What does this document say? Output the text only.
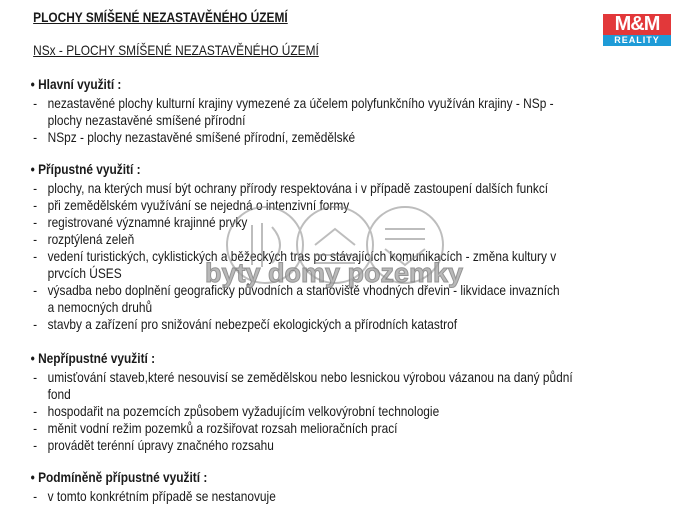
M&M
REALITY
PLOCHY SMÍŠENÉ NEZASTAVĚNÉHO ÚZEMÍ
NSx - PLOCHY SMÍŠENÉ NEZASTAVĚNÉHO ÚZEMÍ
• Hlavní využití :
- nezastavěné plochy kulturní krajiny vymezené za účelem polyfunkčního využíván krajiny - NSp -
plochy nezastavěné smíšené přírodní
- NSpz - plochy nezastavěné smíšené přírodní, zemědělské
• Přípustné využití :
- plochy, na kterých musí být ochrany přírody respektována i v případě zastoupení dalších funkcí
- při zemědělském využívání se nejedná o intenzivní formy
- registrované významné krajinné prvky
- rozptýlená zeleň
- vedení turistických, cyklistických a běžeckých tras po stávajících komunikacích - změna kultury v
prvcích ÚSES
- výsadba nebo doplnění geograficky původních a stanoviště vhodných dřevin - likvidace invazních
a nemocných druhů
- stavby a zařízení pro snižování nebezpečí ekologických a přírodních katastrof
• Nepřípustné využití :
- umisťování staveb,které nesouvisí se zemědělskou nebo lesnickou výrobou vázanou na daný půdní
fond
- hospodařit na pozemcích způsobem vyžadujícím velkovýrobní technologie
- měnit vodní režim pozemků a rozšiřovat rozsah melioračních prací
- provádět terénní úpravy značného rozsahu
• Podmíněně přípustné využití :
- v tomto konkrétním případě se nestanovuje
byty domy pozemky
